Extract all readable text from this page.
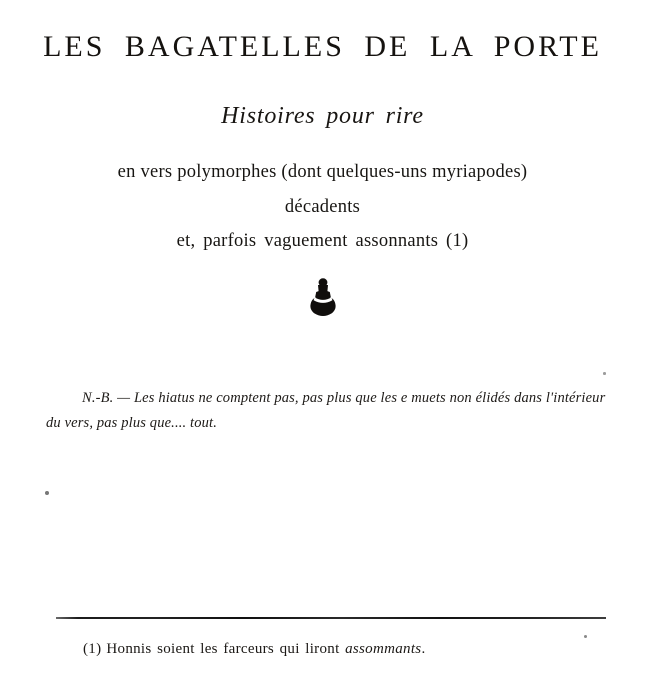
LES BAGATELLES DE LA PORTE
Histoires pour rire
en vers polymorphes (dont quelques-uns myriapodes)
décadents
et, parfois vaguement assonnants (1)
N.-B. — Les hiatus ne comptent pas, pas plus que les e muets non élidés dans l'intérieur du vers, pas plus que.... tout.
(1) Honnis soient les farceurs qui liront assommants.
